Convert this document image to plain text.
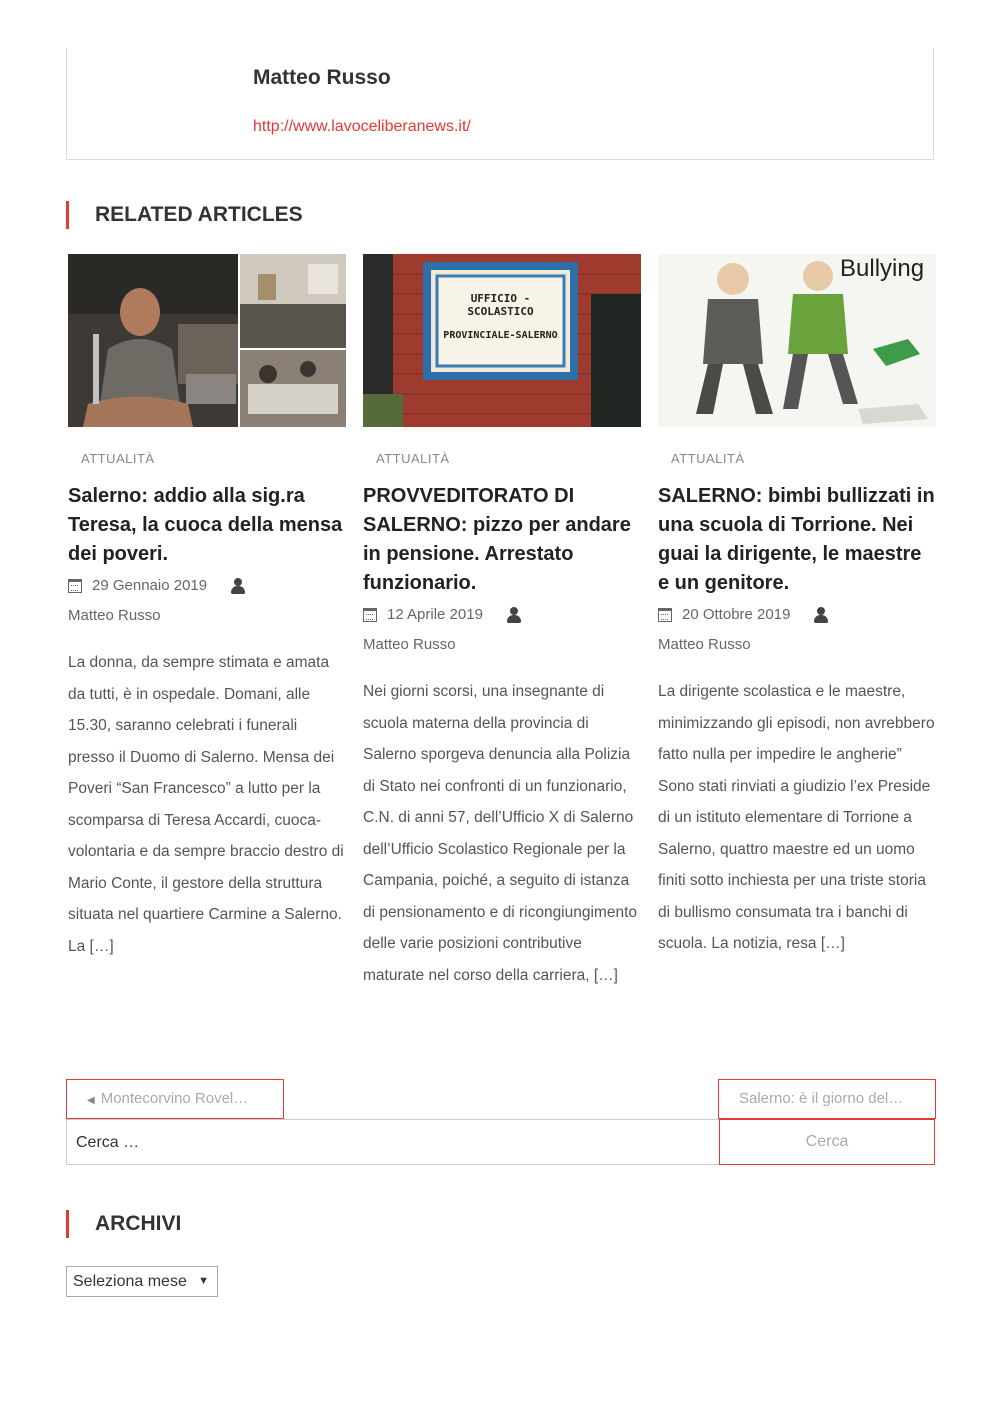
Matteo Russo
http://www.lavoceliberanews.it/
RELATED ARTICLES
ATTUALITÀ
Salerno: addio alla sig.ra Teresa, la cuoca della mensa dei poveri.
29 Gennaio 2019
Matteo Russo
La donna, da sempre stimata e amata da tutti, è in ospedale. Domani, alle 15.30, saranno celebrati i funerali presso il Duomo di Salerno. Mensa dei Poveri “San Francesco” a lutto per la scomparsa di Teresa Accardi, cuoca-volontaria e da sempre braccio destro di Mario Conte, il gestore della struttura situata nel quartiere Carmine a Salerno. La […]
UFFICIO - SCOLASTICO
PROVINCIALE-SALERNO
ATTUALITÀ
PROVVEDITORATO DI SALERNO: pizzo per andare in pensione. Arrestato funzionario.
12 Aprile 2019
Matteo Russo
Nei giorni scorsi, una insegnante di scuola materna della provincia di Salerno sporgeva denuncia alla Polizia di Stato nei confronti di un funzionario, C.N. di anni 57, dell’Ufficio X di Salerno dell’Ufficio Scolastico Regionale per la Campania, poiché, a seguito di istanza di pensionamento e di ricongiungimento delle varie posizioni contributive maturate nel corso della carriera, […]
Bullying
ATTUALITÀ
SALERNO: bimbi bullizzati in una scuola di Torrione. Nei guai la dirigente, le maestre e un genitore.
20 Ottobre 2019
Matteo Russo
La dirigente scolastica e le maestre, minimizzando gli episodi, non avrebbero fatto nulla per impedire le angherie” Sono stati rinviati a giudizio l’ex Preside di un istituto elementare di Torrione a Salerno, quattro maestre ed un uomo finiti sotto inchiesta per una triste storia di bullismo consumata tra i banchi di scuola. La notizia, resa […]
◀ Montecorvino Rovel…	Salerno: è il giorno del…
Cerca …
Cerca
ARCHIVI
Seleziona mese ▼
